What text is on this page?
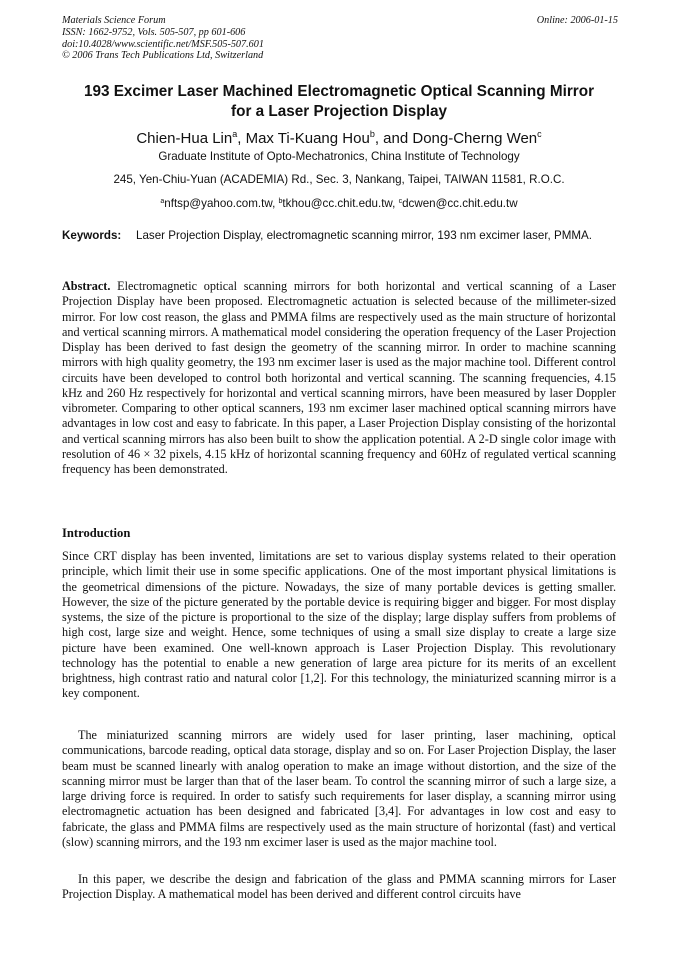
Materials Science Forum
ISSN: 1662-9752, Vols. 505-507, pp 601-606
doi:10.4028/www.scientific.net/MSF.505-507.601
© 2006 Trans Tech Publications Ltd, Switzerland
Online: 2006-01-15
193 Excimer Laser Machined Electromagnetic Optical Scanning Mirror
for a Laser Projection Display
Chien-Hua Lin$^a$, Max Ti-Kuang Hou$^b$, and Dong-Cherng Wen$^c$
Graduate Institute of Opto-Mechatronics, China Institute of Technology
245, Yen-Chiu-Yuan (ACADEMIA) Rd., Sec. 3, Nankang, Taipei, TAIWAN 11581, R.O.C.
$^a$nftsp@yahoo.com.tw, $^b$tkhou@cc.chit.edu.tw, $^c$dcwen@cc.chit.edu.tw
Keywords:	Laser Projection Display, electromagnetic scanning mirror, 193 nm excimer laser, PMMA.
Abstract. Electromagnetic optical scanning mirrors for both horizontal and vertical scanning of a Laser Projection Display have been proposed. Electromagnetic actuation is selected because of the millimeter-sized mirror. For low cost reason, the glass and PMMA films are respectively used as the main structure of horizontal and vertical scanning mirrors. A mathematical model considering the operation frequency of the Laser Projection Display has been derived to fast design the geometry of the scanning mirror. In order to machine scanning mirrors with high quality geometry, the 193 nm excimer laser is used as the major machine tool. Different control circuits have been developed to control both horizontal and vertical scanning. The scanning frequencies, 4.15 kHz and 260 Hz respectively for horizontal and vertical scanning mirrors, have been measured by laser Doppler vibrometer. Comparing to other optical scanners, 193 nm excimer laser machined optical scanning mirrors have advantages in low cost and easy to fabricate. In this paper, a Laser Projection Display consisting of the horizontal and vertical scanning mirrors has also been built to show the application potential. A 2-D single color image with resolution of 46 × 32 pixels, 4.15 kHz of horizontal scanning frequency and 60Hz of regulated vertical scanning frequency has been demonstrated.
Introduction
Since CRT display has been invented, limitations are set to various display systems related to their operation principle, which limit their use in some specific applications. One of the most important physical limitations is the geometrical dimensions of the picture. Nowadays, the size of many portable devices is getting smaller. However, the size of the picture generated by the portable device is requiring bigger and bigger. For most display systems, the size of the picture is proportional to the size of the display; large display suffers from problems of high cost, large size and weight. Hence, some techniques of using a small size display to create a large size picture have been examined. One well-known approach is Laser Projection Display. This revolutionary technology has the potential to enable a new generation of large area picture for its merits of an excellent brightness, high contrast ratio and natural color [1,2]. For this technology, the miniaturized scanning mirror is a key component.
The miniaturized scanning mirrors are widely used for laser printing, laser machining, optical communications, barcode reading, optical data storage, display and so on. For Laser Projection Display, the laser beam must be scanned linearly with analog operation to make an image without distortion, and the size of the scanning mirror must be larger than that of the laser beam. To control the scanning mirror of such a large size, a large driving force is required. In order to satisfy such requirements for laser display, a scanning mirror using electromagnetic actuation has been designed and fabricated [3,4]. For advantages in low cost and easy to fabricate, the glass and PMMA films are respectively used as the main structure of horizontal (fast) and vertical (slow) scanning mirrors, and the 193 nm excimer laser is used as the major machine tool.
In this paper, we describe the design and fabrication of the glass and PMMA scanning mirrors for Laser Projection Display. A mathematical model has been derived and different control circuits have
